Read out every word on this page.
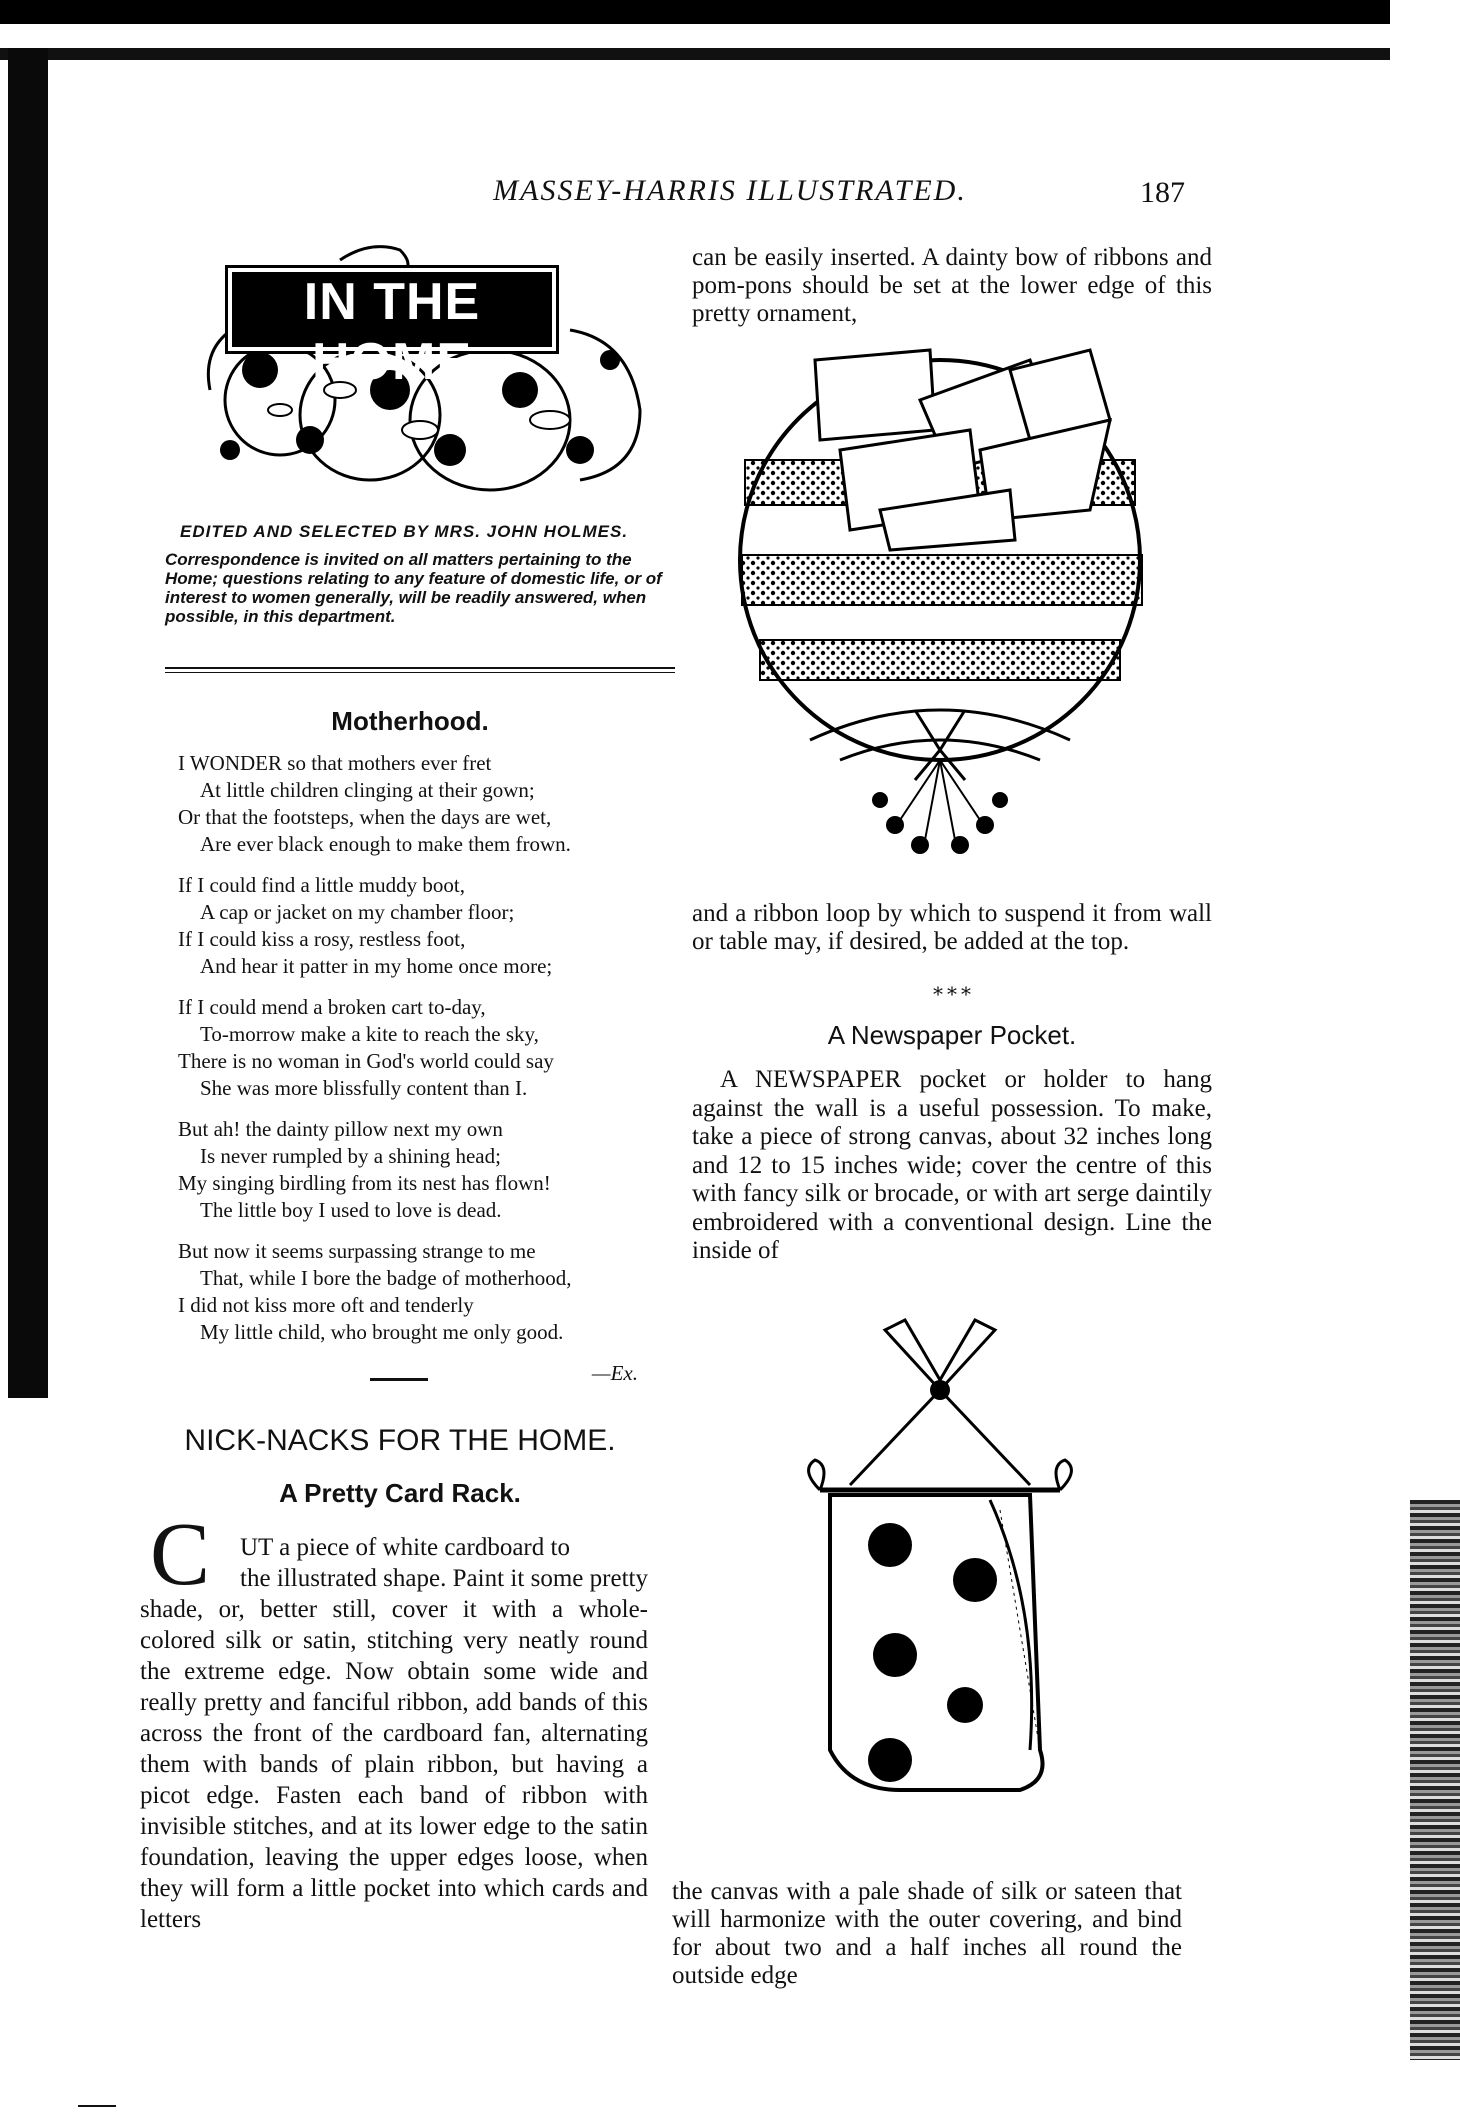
MASSEY-HARRIS ILLUSTRATED.	187
IN THE HOME
EDITED AND SELECTED BY MRS. JOHN HOLMES.
Correspondence is invited on all matters pertaining to the Home; questions relating to any feature of domestic life, or of interest to women generally, will be readily answered, when possible, in this department.
Motherhood.

I WONDER so that mothers ever fret

At little children clinging at their gown;

Or that the footsteps, when the days are wet,

Are ever black enough to make them frown.

If I could find a little muddy boot,

A cap or jacket on my chamber floor;

If I could kiss a rosy, restless foot,

And hear it patter in my home once more;

If I could mend a broken cart to-day,

To-morrow make a kite to reach the sky,

There is no woman in God's world could say

She was more blissfully content than I.

But ah! the dainty pillow next my own

Is never rumpled by a shining head;

My singing birdling from its nest has flown!

The little boy I used to love is dead.

But now it seems surpassing strange to me

That, while I bore the badge of motherhood,

I did not kiss more oft and tenderly

My little child, who brought me only good.

—Ex.

NICK-NACKS FOR THE HOME.
A Pretty Card Rack.
C UT a piece of white cardboard to
the illustrated shape. Paint it some pretty shade, or, better still, cover it with a whole-colored silk or satin, stitching very neatly round the extreme edge. Now obtain some wide and really pretty and fanciful ribbon, add bands of this across the front of the cardboard fan, alternating them with bands of plain ribbon, but having a picot edge. Fasten each band of ribbon with invisible stitches, and at its lower edge to the satin foundation, leaving the upper edges loose, when they will form a little pocket into which cards and letters
can be easily inserted. A dainty bow of ribbons and pom-pons should be set at the lower edge of this pretty ornament,
and a ribbon loop by which to suspend it from wall or table may, if desired, be added at the top.
* * *
A Newspaper Pocket.
A NEWSPAPER pocket or holder to hang against the wall is a useful possession. To make, take a piece of strong canvas, about 32 inches long and 12 to 15 inches wide; cover the centre of this with fancy silk or brocade, or with art serge daintily embroidered with a conventional design. Line the inside of
the canvas with a pale shade of silk or sateen that will harmonize with the outer covering, and bind for about two and a half inches all round the outside edge
